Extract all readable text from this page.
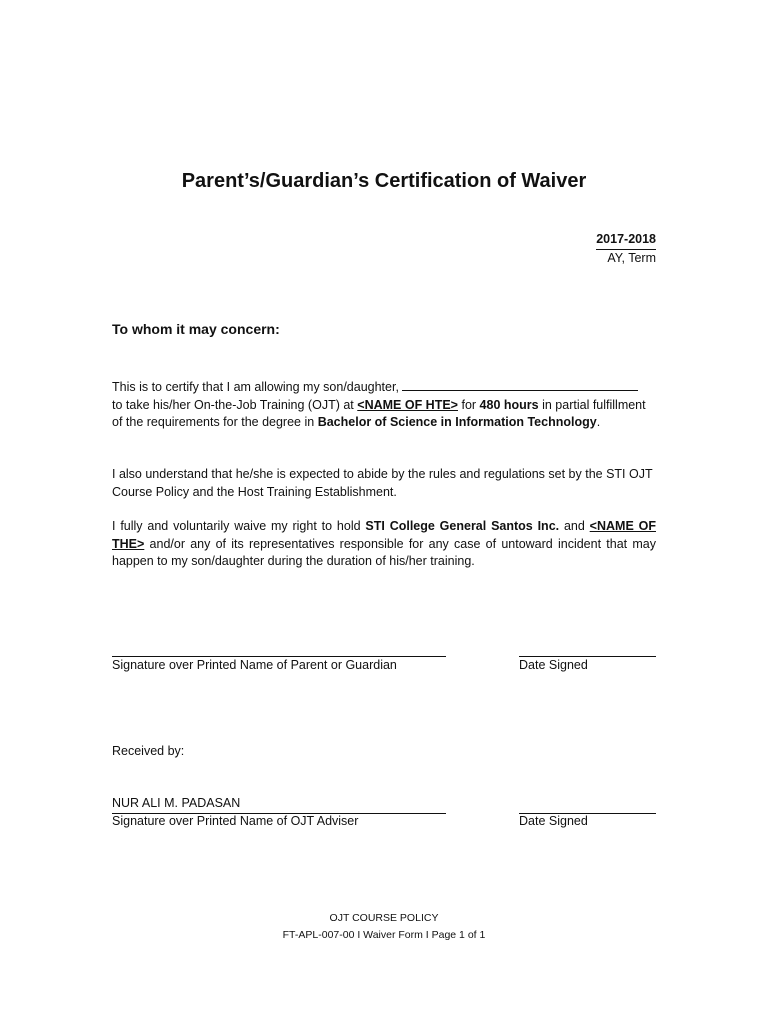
Parent’s/Guardian’s Certification of Waiver
2017-2018
AY, Term
To whom it may concern:
This is to certify that I am allowing my son/daughter,
to take his/her On-the-Job Training (OJT) at <NAME OF HTE> for 480 hours in partial fulfillment of the requirements for the degree in Bachelor of Science in Information Technology.
I also understand that he/she is expected to abide by the rules and regulations set by the STI OJT Course Policy and the Host Training Establishment.
I fully and voluntarily waive my right to hold STI College General Santos Inc. and <NAME OF THE> and/or any of its representatives responsible for any case of untoward incident that may happen to my son/daughter during the duration of his/her training.
Signature over Printed Name of Parent or Guardian	Date Signed
Received by:
NUR ALI M. PADASAN
Signature over Printed Name of OJT Adviser	Date Signed
OJT COURSE POLICY
FT-APL-007-00 I Waiver Form I Page 1 of 1
